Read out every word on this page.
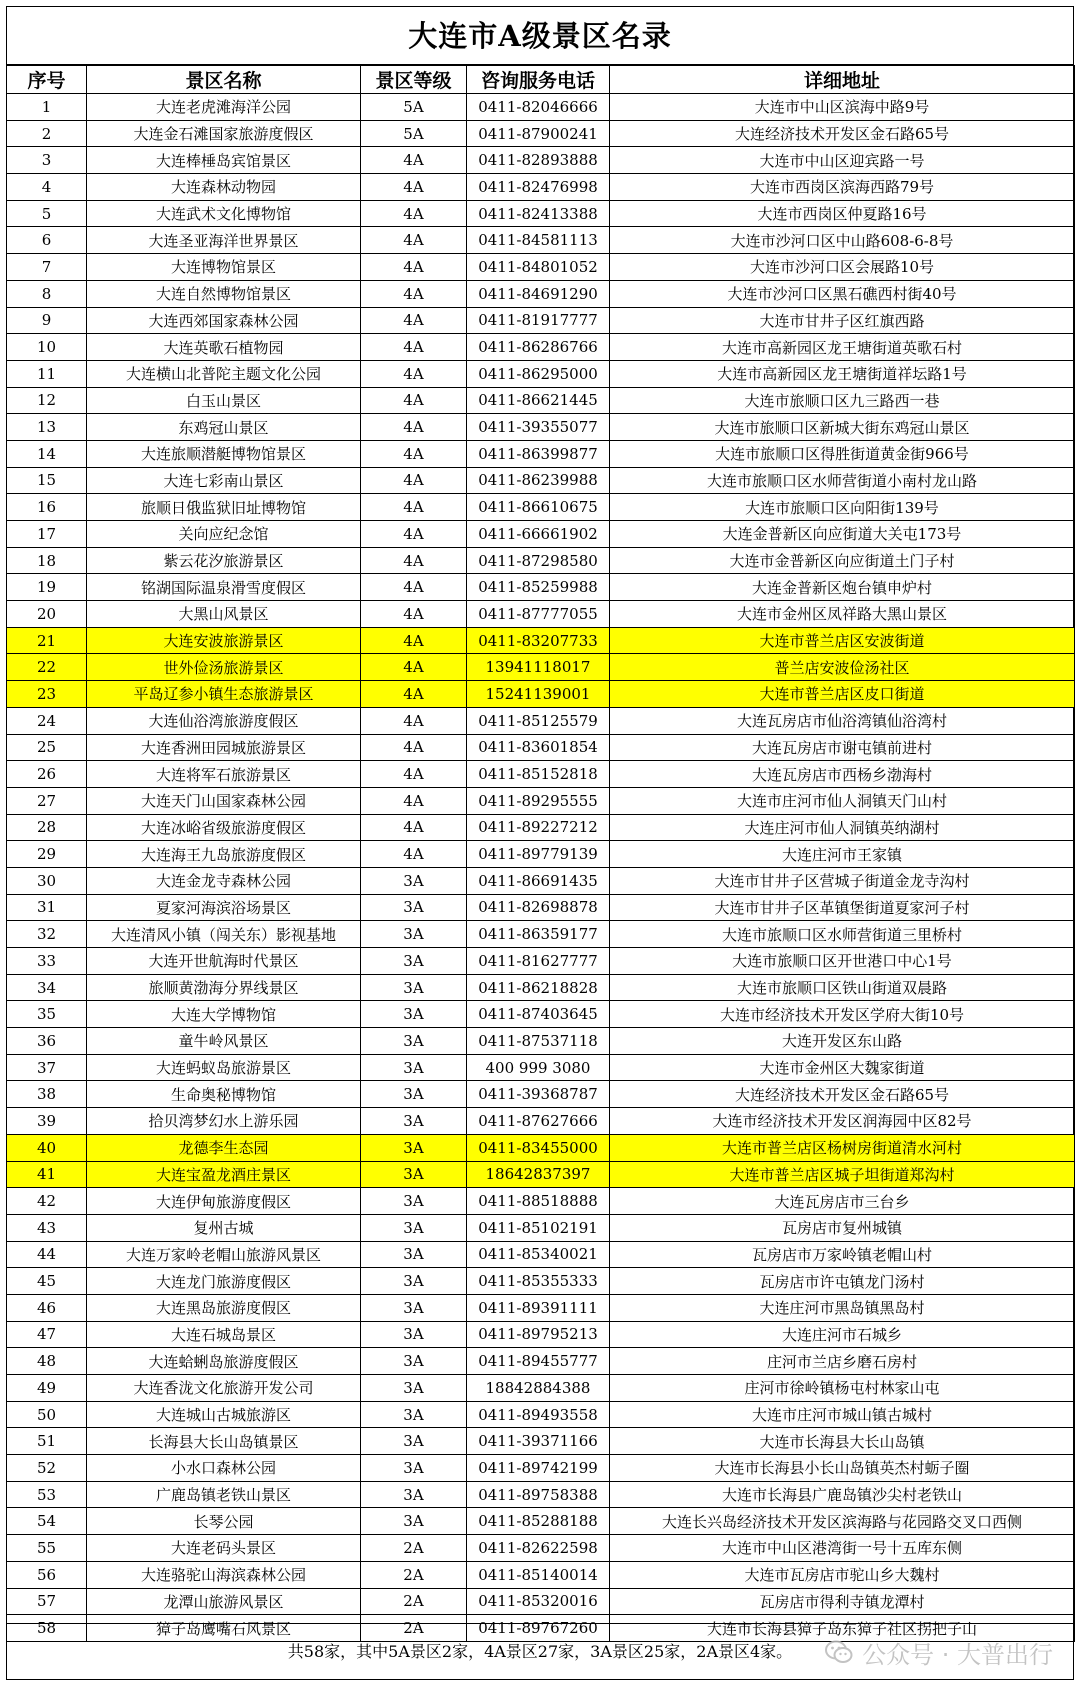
大连市A级景区名录
序号	景区名称	景区等级	咨询服务电话	详细地址
1	大连老虎滩海洋公园	5A	0411-82046666	大连市中山区滨海中路9号
2	大连金石滩国家旅游度假区	5A	0411-87900241	大连经济技术开发区金石路65号
3	大连棒棰岛宾馆景区	4A	0411-82893888	大连市中山区迎宾路一号
4	大连森林动物园	4A	0411-82476998	大连市西岗区滨海西路79号
5	大连武术文化博物馆	4A	0411-82413388	大连市西岗区仲夏路16号
6	大连圣亚海洋世界景区	4A	0411-84581113	大连市沙河口区中山路608-6-8号
7	大连博物馆景区	4A	0411-84801052	大连市沙河口区会展路10号
8	大连自然博物馆景区	4A	0411-84691290	大连市沙河口区黑石礁西村街40号
9	大连西郊国家森林公园	4A	0411-81917777	大连市甘井子区红旗西路
10	大连英歌石植物园	4A	0411-86286766	大连市高新园区龙王塘街道英歌石村
11	大连横山北普陀主题文化公园	4A	0411-86295000	大连市高新园区龙王塘街道祥坛路1号
12	白玉山景区	4A	0411-86621445	大连市旅顺口区九三路西一巷
13	东鸡冠山景区	4A	0411-39355077	大连市旅顺口区新城大街东鸡冠山景区
14	大连旅顺潜艇博物馆景区	4A	0411-86399877	大连市旅顺口区得胜街道黄金街966号
15	大连七彩南山景区	4A	0411-86239988	大连市旅顺口区水师营街道小南村龙山路
16	旅顺日俄监狱旧址博物馆	4A	0411-86610675	大连市旅顺口区向阳街139号
17	关向应纪念馆	4A	0411-66661902	大连金普新区向应街道大关屯173号
18	紫云花汐旅游景区	4A	0411-87298580	大连市金普新区向应街道土门子村
19	铭湖国际温泉滑雪度假区	4A	0411-85259988	大连金普新区炮台镇申炉村
20	大黑山风景区	4A	0411-87777055	大连市金州区凤祥路大黑山景区
21	大连安波旅游景区	4A	0411-83207733	大连市普兰店区安波街道
22	世外俭汤旅游景区	4A	13941118017	普兰店安波俭汤社区
23	平岛辽参小镇生态旅游景区	4A	15241139001	大连市普兰店区皮口街道
24	大连仙浴湾旅游度假区	4A	0411-85125579	大连瓦房店市仙浴湾镇仙浴湾村
25	大连香洲田园城旅游景区	4A	0411-83601854	大连瓦房店市谢屯镇前进村
26	大连将军石旅游景区	4A	0411-85152818	大连瓦房店市西杨乡渤海村
27	大连天门山国家森林公园	4A	0411-89295555	大连市庄河市仙人洞镇天门山村
28	大连冰峪省级旅游度假区	4A	0411-89227212	大连庄河市仙人洞镇英纳湖村
29	大连海王九岛旅游度假区	4A	0411-89779139	大连庄河市王家镇
30	大连金龙寺森林公园	3A	0411-86691435	大连市甘井子区营城子街道金龙寺沟村
31	夏家河海滨浴场景区	3A	0411-82698878	大连市甘井子区革镇堡街道夏家河子村
32	大连清风小镇（闯关东）影视基地	3A	0411-86359177	大连市旅顺口区水师营街道三里桥村
33	大连开世航海时代景区	3A	0411-81627777	大连市旅顺口区开世港口中心1号
34	旅顺黄渤海分界线景区	3A	0411-86218828	大连市旅顺口区铁山街道双晨路
35	大连大学博物馆	3A	0411-87403645	大连市经济技术开发区学府大街10号
36	童牛岭风景区	3A	0411-87537118	大连开发区东山路
37	大连蚂蚁岛旅游景区	3A	400 999 3080	大连市金州区大魏家街道
38	生命奥秘博物馆	3A	0411-39368787	大连经济技术开发区金石路65号
39	拾贝湾梦幻水上游乐园	3A	0411-87627666	大连市经济技术开发区润海园中区82号
40	龙德李生态园	3A	0411-83455000	大连市普兰店区杨树房街道清水河村
41	大连宝盈龙酒庄景区	3A	18642837397	大连市普兰店区城子坦街道郑沟村
42	大连伊甸旅游度假区	3A	0411-88518888	大连瓦房店市三台乡
43	复州古城	3A	0411-85102191	瓦房店市复州城镇
44	大连万家岭老帽山旅游风景区	3A	0411-85340021	瓦房店市万家岭镇老帽山村
45	大连龙门旅游度假区	3A	0411-85355333	瓦房店市许屯镇龙门汤村
46	大连黑岛旅游度假区	3A	0411-89391111	大连庄河市黑岛镇黑岛村
47	大连石城岛景区	3A	0411-89795213	大连庄河市石城乡
48	大连蛤蜊岛旅游度假区	3A	0411-89455777	庄河市兰店乡磨石房村
49	大连香泷文化旅游开发公司	3A	18842884388	庄河市徐岭镇杨屯村林家山屯
50	大连城山古城旅游区	3A	0411-89493558	大连市庄河市城山镇古城村
51	长海县大长山岛镇景区	3A	0411-39371166	大连市长海县大长山岛镇
52	小水口森林公园	3A	0411-89742199	大连市长海县小长山岛镇英杰村蛎子圈
53	广鹿岛镇老铁山景区	3A	0411-89758388	大连市长海县广鹿岛镇沙尖村老铁山
54	长琴公园	3A	0411-85288188	大连长兴岛经济技术开发区滨海路与花园路交叉口西侧
55	大连老码头景区	2A	0411-82622598	大连市中山区港湾街一号十五库东侧
56	大连骆驼山海滨森林公园	2A	0411-85140014	大连市瓦房店市驼山乡大魏村
57	龙潭山旅游风景区	2A	0411-85320016	瓦房店市得利寺镇龙潭村
58	獐子岛鹰嘴石风景区	2A	0411-89767260	大连市长海县獐子岛东獐子社区拐把子山
共58家，其中5A景区2家，4A景区27家，3A景区25家，2A景区4家。	公众号 · 大普出行
